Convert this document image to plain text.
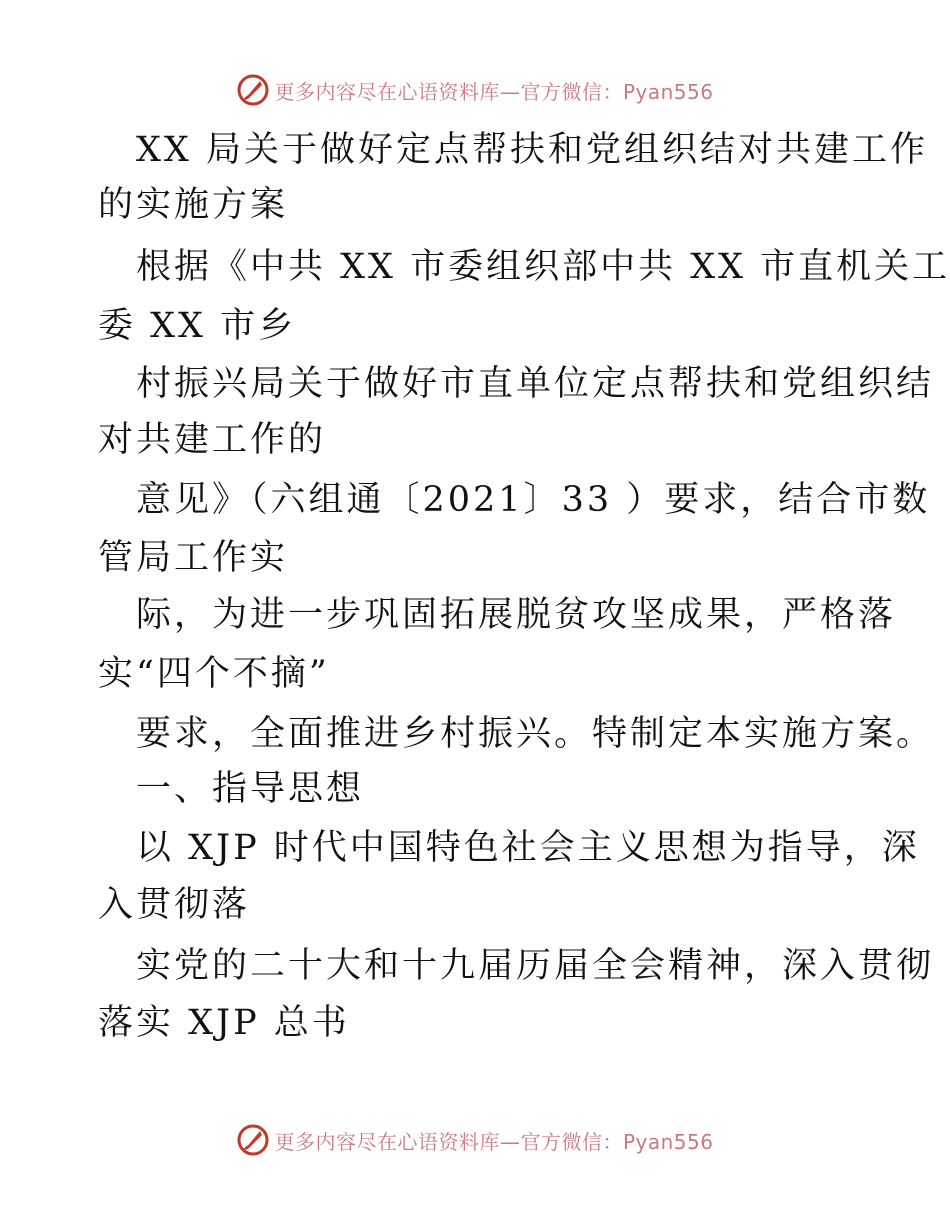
更多内容尽在心语资料库—官方微信：Pyan556
XX 局关于做好定点帮扶和党组织结对共建工作
的实施方案
根据《中共 XX 市委组织部中共 XX 市直机关工
委 XX 市乡
村振兴局关于做好市直单位定点帮扶和党组织结
对共建工作的
意见》（六组通〔2021〕33 ）要求，结合市数
管局工作实
际，为进一步巩固拓展脱贫攻坚成果，严格落
实“四个不摘”
要求，全面推进乡村振兴。特制定本实施方案。
一、指导思想
以 XJP 时代中国特色社会主义思想为指导，深
入贯彻落
实党的二十大和十九届历届全会精神，深入贯彻
落实 XJP 总书
更多内容尽在心语资料库—官方微信：Pyan556
